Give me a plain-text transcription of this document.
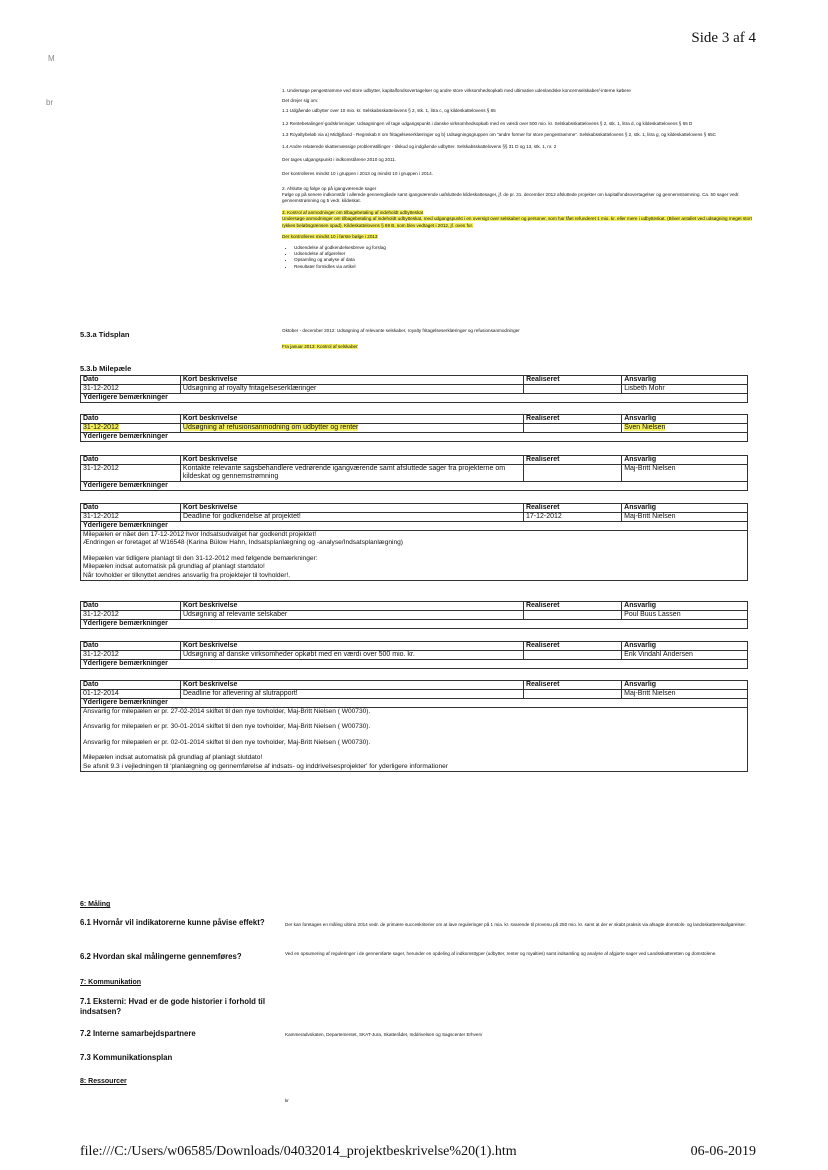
Side 3 af 4
M
br

1. Undersøge pengestrømme ved store udbytter, kapitalfondsovertagelser og andre store virksomhedsopkøb med ultimative udenlandske koncernselskaber/-interne købere

Det drejer sig om:

1.1 Udgående udbytter over 10 mio. kr. Selskabsskattelovens § 2, stk. 1, litra c, og kildeskattelovens § 65

1.2 Rentebetalinger/-godskrivninger. Udsøgningen vil tage udgangspunkt i danske virksomhedsopkøb med en værdi over 500 mio. kr. Selskabsskattelovens § 2, stk. 1, litra d, og kildeskattelovens § 65 D

1.3 Royaltybeløb via a) Midtjylland - Regnskab II om fritagelseserklæringer og b) Udsøgningsgruppen om "andre former for store pengestrømme". Selskabsskattelovens § 2, stk. 1, litra g, og kildeskattelovens § 65C

1.4 Andre relaterede skattemæssige problemstillinger - tilskud og indgående udbytter. Selskabsskattelovens §§ 31 D og 13, stk. 1, nr. 2

Der tages udgangspunkt i indkomstårene 2010 og 2011.

Der kontrolleres mindst 10 i gruppen i 2013 og mindst 10 i gruppen i 2014.

2. Afslutte og følge op på igangværende sager

Følge op på senere indkomstår i allerede gennemgåede samt igangværende uafsluttede kildeskattesager, jf. de pr. 31. december 2012 afsluttede projekter om kapitalfondsovertagelser og gennemstrømning. Ca. 50 sager vedr. gennemstrømning og 5 vedr. kildeskat.

3. Kontrol af anmodninger om tilbagebetaling af indeholdt udbytteskat

Undersøge anmodninger om tilbagebetaling af indeholdt udbytteskat, med udgangspunkt i en oversigt over selskaber og personer, som har fået refunderet 1 mio. kr. eller mere i udbytteskat. (Bliver antallet ved udsøgning meget stort rykkes beløbsgrænsen opad). Kildeskattelovens § 69 B, som blev vedtaget i 2012, jf. oven for.

Der kontrolleres mindst 10 i første bølge i 2013

• Udsendelse af godkendelsesbreve og forslag
• Udsendelse af afgørelser
• Opsamling og analyse af data
• Resultater formidles via artikel
5.3.a Tidsplan	Oktober - december 2012: Udsøgning af relevante selskaber, royalty fritagelseserklæringer og refusionsanmodninger
Fra januar 2013: Kontrol af selskaber
5.3.b Milepæle
Dato	Kort beskrivelse	Realiseret	Ansvarlig
31-12-2012	Udsøgning af royalty fritagelseserklæringer		Lisbeth Mohr
Yderligere bemærkninger			
Dato	Kort beskrivelse	Realiseret	Ansvarlig
31-12-2012	Udsøgning af refusionsanmodning om udbytter og renter		Sven Nielsen
Yderligere bemærkninger			
Dato	Kort beskrivelse	Realiseret	Ansvarlig
31-12-2012	Kontakte relevante sagsbehandlere vedrørende igangværende samt afsluttede sager fra projekterne om kildeskat og gennemstrømning		Maj-Britt Nielsen
Yderligere bemærkninger			
Dato	Kort beskrivelse	Realiseret	Ansvarlig
31-12-2012	Deadline for godkendelse af projektet!	17-12-2012	Maj-Britt Nielsen
Yderligere bemærkninger			

Milepælen er nået den 17-12-2012 hvor Indsatsudvalget har godkendt projektet!
Ændringen er foretaget af W16548 (Karina Bülow Hahn, Indsatsplanlægning og -analyse/Indsatsplanlægning)
Milepælen var tidligere planlagt til den 31-12-2012 med følgende bemærkninger:
Milepælen indsat automatisk på grundlag af planlagt startdato!
Når tovholder er tilknyttet ændres ansvarlig fra projektejer til tovholder!.			
Dato	Kort beskrivelse	Realiseret	Ansvarlig
31-12-2012	Udsøgning af relevante selskaber		Poul Buus Lassen
Yderligere bemærkninger			
Dato	Kort beskrivelse	Realiseret	Ansvarlig
31-12-2012	Udsøgning af danske virksomheder opkøbt med en værdi over 500 mio. kr.		Erik Vindahl Andersen
Yderligere bemærkninger			
Dato	Kort beskrivelse	Realiseret	Ansvarlig
01-12-2014	Deadline for aflevering af slutrapport!		Maj-Britt Nielsen
Yderligere bemærkninger			

Ansvarlig for milepælen er pr. 27-02-2014 skiftet til den nye tovholder, Maj-Britt Nielsen ( W00730).
Ansvarlig for milepælen er pr. 30-01-2014 skiftet til den nye tovholder, Maj-Britt Nielsen ( W00730).
Ansvarlig for milepælen er pr. 02-01-2014 skiftet til den nye tovholder, Maj-Britt Nielsen ( W00730).
Milepælen indsat automatisk på grundlag af planlagt slutdato!
Se afsnit 9.3 i vejledningen til 'planlægning og gennemførelse af indsats- og inddrivelsesprojekter' for yderligere informationer			
6: Måling
6.1 Hvornår vil indikatorerne kunne påvise effekt?	Der kan foretages en måling ultimo 2014 vedr. de primære succeskriterier om at lave reguleringer på 1 mia. kr. svarende til provenu på 250 mio. kr. samt at der er skabt praksis via afsagte domstols- og landsskatteretsafgørelser.
6.2 Hvordan skal målingerne gennemføres?	Ved en opsumering af reguleringer i de gennemførte sager, herunder en opdeling af indkomsttyper (udbytter, renter og royalties) samt indsamling og analyse af afgjorte sager ved Landsskatteretten og domstolene.
7: Kommunikation
7.1 Eksterni: Hvad er de gode historier i forhold til indsatsen?
7.2 Interne samarbejdspartnere	Kammeradvokaten, Departementet, SKAT-Jura, Skatterådet, Inddrivelsen og Sagscenter Erhverv
7.3 Kommunikationsplan
8: Ressourcer
kr
file:///C:/Users/w06585/Downloads/04032014_projektbeskrivelse%20(1).htm	06-06-2019
